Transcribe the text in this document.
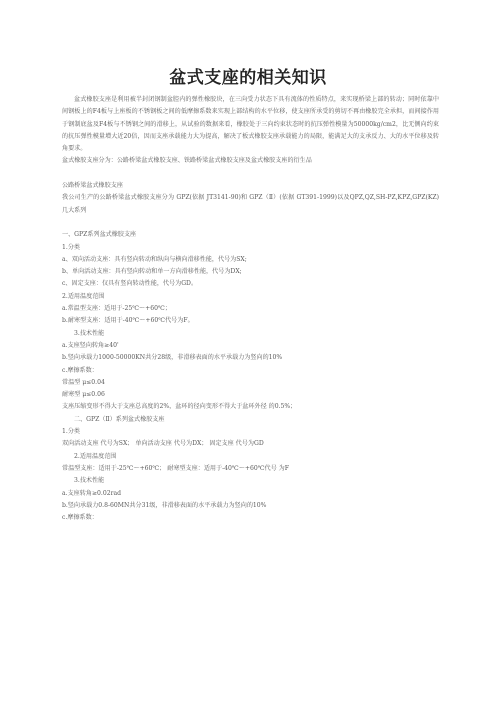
盆式支座的相关知识

盆式橡胶支座是利用被半封闭钢制盆腔内的弹性橡胶块，在三向受力状态下具有流体的性质特点，来实现桥梁上部的转动；同时依靠中间钢板上的F4板与上座板的不锈钢板之间的低摩擦系数来实现上部结构的水平位移，使支座所承受的剪切不再由橡胶完全承担，而间接作用于钢制底盆及F4板与不锈钢之间的滑移上，从试验的数据来看，橡胶处于三向约束状态时的抗压弹性模量为50000kg/cm2，比无侧向约束的抗压弹性模量增大近20倍，因而支座承载能力大为提高，解决了板式橡胶支座承载能力的局限，能满足大的支承反力、大的水平位移及转角要求。

盆式橡胶支座分为：公路桥梁盆式橡胶支座、铁路桥梁盆式橡胶支座及盆式橡胶支座的衍生品

公路桥梁盆式橡胶支座

我公司生产的公路桥梁盆式橡胶支座分为 GPZ(依据 JT3141-90)和 GPZ（Ⅱ）(依据 GT391-1999)以及QPZ,QZ,SH-PZ,KPZ,GPZ(KZ)几大系列

一、GPZ系列盆式橡胶支座

1.分类

a、双向活动支座：具有竖向转动和纵向与横向滑移性能，代号为SX;

b、单向活动支座：具有竖向转动和单一方向滑移性能，代号为DX;

c、固定支座：仅具有竖向转动性能，代号为GD。

2.适用温度范围

a.常温型支座：适用于-25℃～+60℃；

b.耐寒型支座：适用于-40℃～+60℃代号为F。

3.技术性能

a.支座竖向转角≥40'

b.竖向承载力1000-50000KN共分28级，非滑移表面的水平承载力为竖向的10%

c.摩擦系数：

常温型 μ≤0.04

耐寒型 μ≤0.06

支座压缩变形不得大于支座总高度的2%，盆环的径向变形不得大于盆环外径 的0.5%；

二、GPZ（Ⅱ）系列盆式橡胶支座

1.分类

双向活动支座 代号为SX； 单向活动支座 代号为DX； 固定支座 代号为GD

2.适用温度范围

常温型支座：适用于-25℃～+60℃； 耐寒型支座：适用于-40℃～+60℃代号 为F

3.技术性能

a.支座转角≥0.02rad

b.竖向承载力0.8-60MN共分31级，非滑移表面的水平承载力为竖向的10%

c.摩擦系数：
